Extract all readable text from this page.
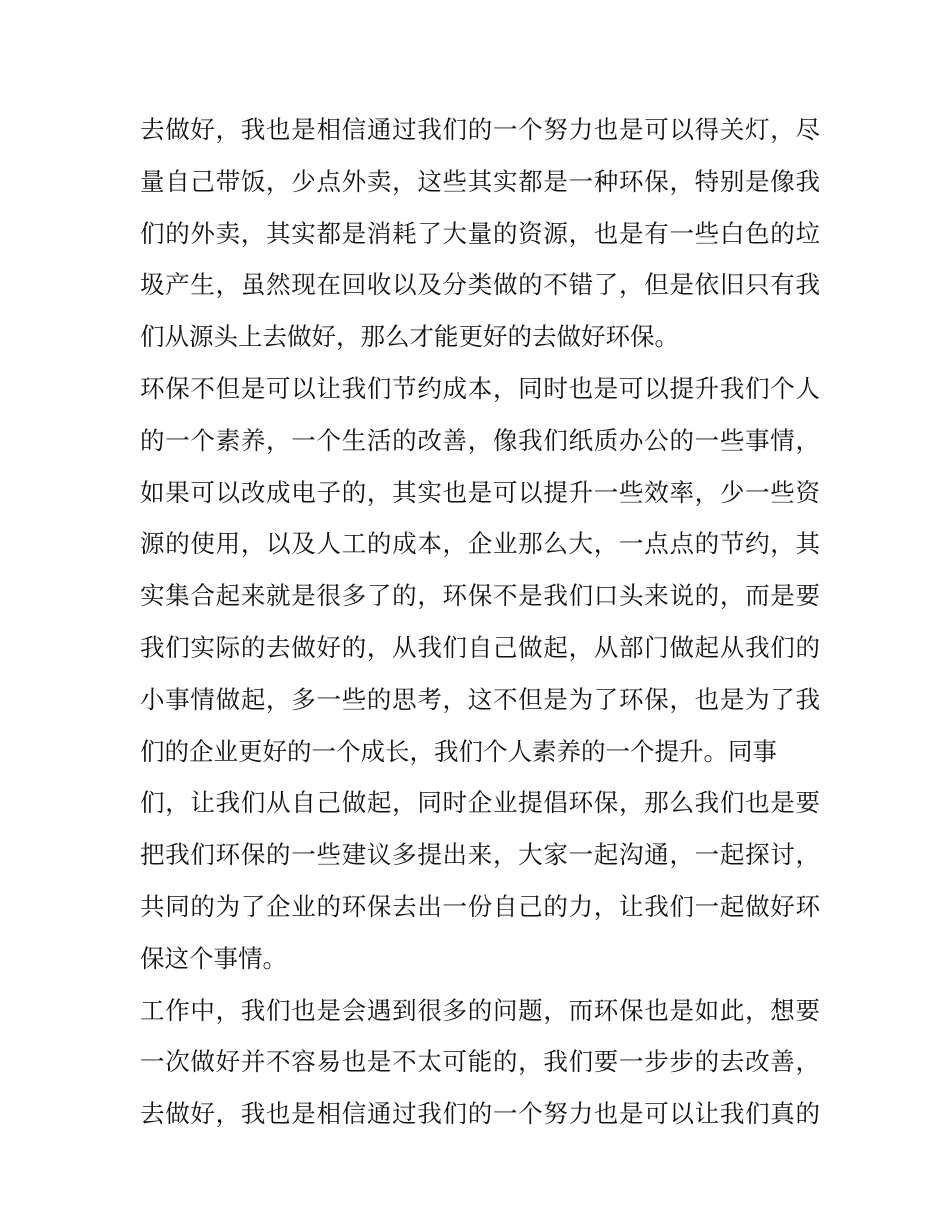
去做好，我也是相信通过我们的一个努力也是可以得关灯，尽
量自己带饭，少点外卖，这些其实都是一种环保，特别是像我
们的外卖，其实都是消耗了大量的资源，也是有一些白色的垃
圾产生，虽然现在回收以及分类做的不错了，但是依旧只有我
们从源头上去做好，那么才能更好的去做好环保。
环保不但是可以让我们节约成本，同时也是可以提升我们个人
的一个素养，一个生活的改善，像我们纸质办公的一些事情，
如果可以改成电子的，其实也是可以提升一些效率，少一些资
源的使用，以及人工的成本，企业那么大，一点点的节约，其
实集合起来就是很多了的，环保不是我们口头来说的，而是要
我们实际的去做好的，从我们自己做起，从部门做起从我们的
小事情做起，多一些的思考，这不但是为了环保，也是为了我
们的企业更好的一个成长，我们个人素养的一个提升。同事
们，让我们从自己做起，同时企业提倡环保，那么我们也是要
把我们环保的一些建议多提出来，大家一起沟通，一起探讨，
共同的为了企业的环保去出一份自己的力，让我们一起做好环
保这个事情。
工作中，我们也是会遇到很多的问题，而环保也是如此，想要
一次做好并不容易也是不太可能的，我们要一步步的去改善，
去做好，我也是相信通过我们的一个努力也是可以让我们真的
